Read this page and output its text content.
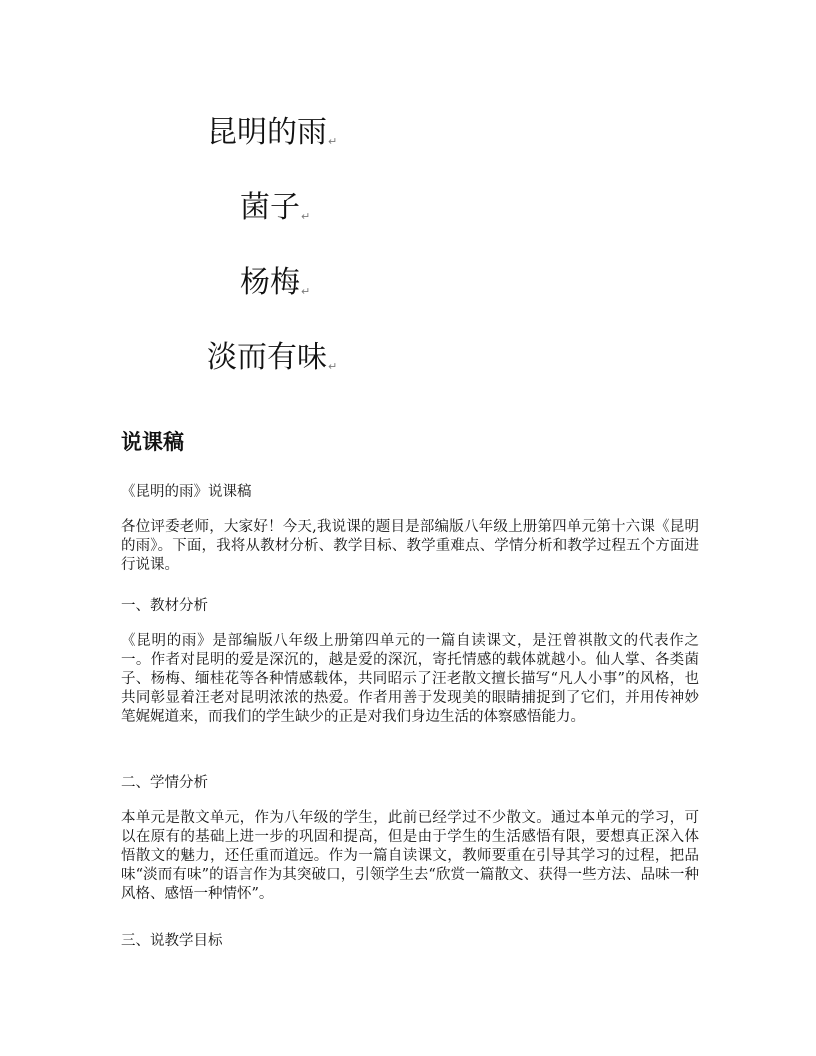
昆明的雨↵
菌子↵
杨梅↵
淡而有味↵
说课稿

《昆明的雨》说课稿

各位评委老师，大家好！今天,我说课的题目是部编版八年级上册第四单元第十六课《昆明的雨》。下面，我将从教材分析、教学目标、教学重难点、学情分析和教学过程五个方面进行说课。

一、教材分析

《昆明的雨》是部编版八年级上册第四单元的一篇自读课文，是汪曾祺散文的代表作之一。作者对昆明的爱是深沉的，越是爱的深沉，寄托情感的载体就越小。仙人掌、各类菌子、杨梅、缅桂花等各种情感载体，共同昭示了汪老散文擅长描写“凡人小事”的风格，也共同彰显着汪老对昆明浓浓的热爱。作者用善于发现美的眼睛捕捉到了它们，并用传神妙笔娓娓道来，而我们的学生缺少的正是对我们身边生活的体察感悟能力。

二、学情分析

本单元是散文单元，作为八年级的学生，此前已经学过不少散文。通过本单元的学习，可以在原有的基础上进一步的巩固和提高，但是由于学生的生活感悟有限，要想真正深入体悟散文的魅力，还任重而道远。作为一篇自读课文，教师要重在引导其学习的过程，把品味“淡而有味”的语言作为其突破口，引领学生去“欣赏一篇散文、获得一些方法、品味一种风格、感悟一种情怀”。

三、说教学目标
